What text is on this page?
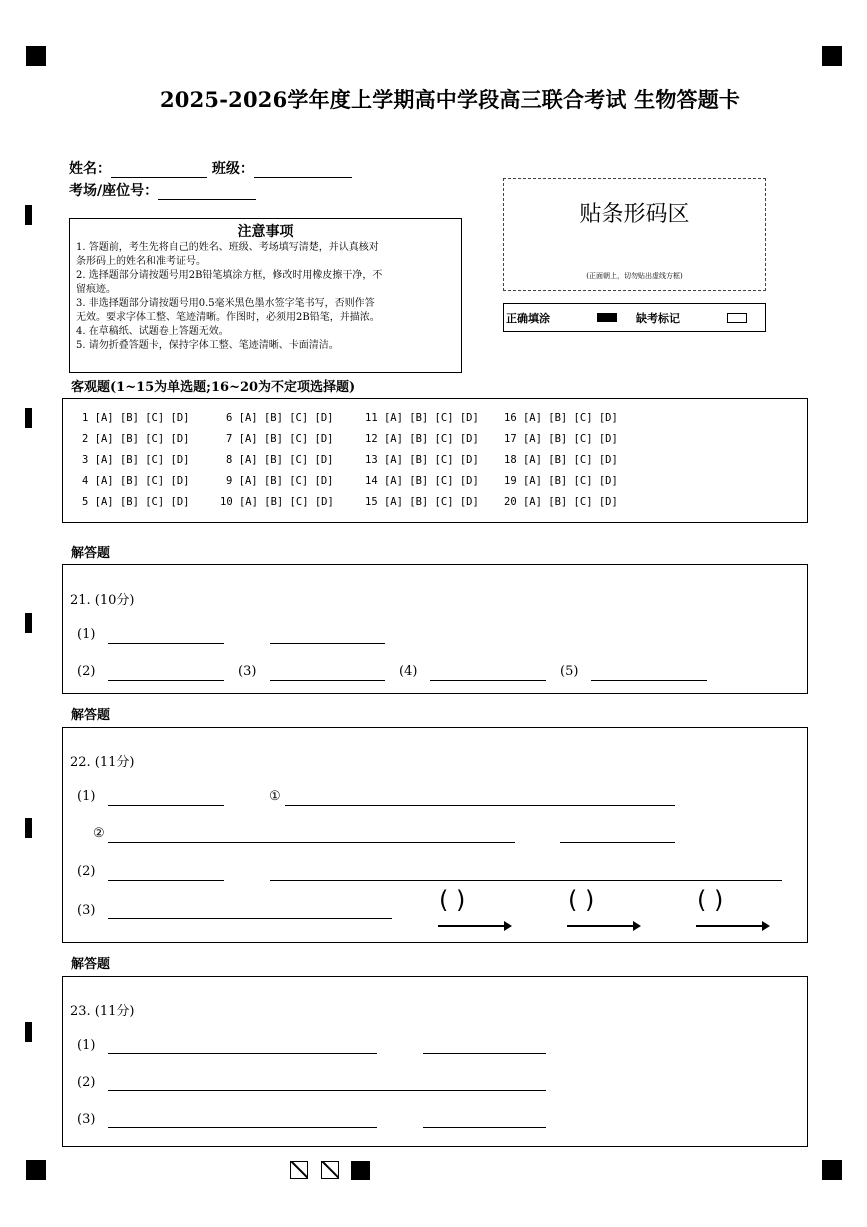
2025-2026学年度上学期高中学段高三联合考试 生物答题卡
姓名：	班级：
考场/座位号：
注意事项
1. 答题前，考生先将自己的姓名、班级、考场填写清楚，并认真核对
条形码上的姓名和准考证号。
2. 选择题部分请按题号用2B铅笔填涂方框，修改时用橡皮擦干净，不
留痕迹。
3. 非选择题部分请按题号用0.5毫米黑色墨水签字笔书写，否则作答
无效。要求字体工整、笔迹清晰。作图时，必须用2B铅笔，并描浓。
4. 在草稿纸、试题卷上答题无效。
5. 请勿折叠答题卡，保持字体工整、笔迹清晰、卡面清洁。
贴条形码区
(正面朝上，切勿贴出虚线方框)
正确填涂	缺考标记
客观题(1~15为单选题;16~20为不定项选择题)
1 [A] [B] [C] [D]
2 [A] [B] [C] [D]
3 [A] [B] [C] [D]
4 [A] [B] [C] [D]
5 [A] [B] [C] [D]
6 [A] [B] [C] [D]
7 [A] [B] [C] [D]
8 [A] [B] [C] [D]
9 [A] [B] [C] [D]
10 [A] [B] [C] [D]
11 [A] [B] [C] [D]
12 [A] [B] [C] [D]
13 [A] [B] [C] [D]
14 [A] [B] [C] [D]
15 [A] [B] [C] [D]
16 [A] [B] [C] [D]
17 [A] [B] [C] [D]
18 [A] [B] [C] [D]
19 [A] [B] [C] [D]
20 [A] [B] [C] [D]
解答题
21. (10分)
(1)
(2)	(3)	(4)	(5)
解答题
22. (11分)
(1)	①
②
(2)
(3)	( )	( )	( )
解答题
23. (11分)
(1)
(2)
(3)
